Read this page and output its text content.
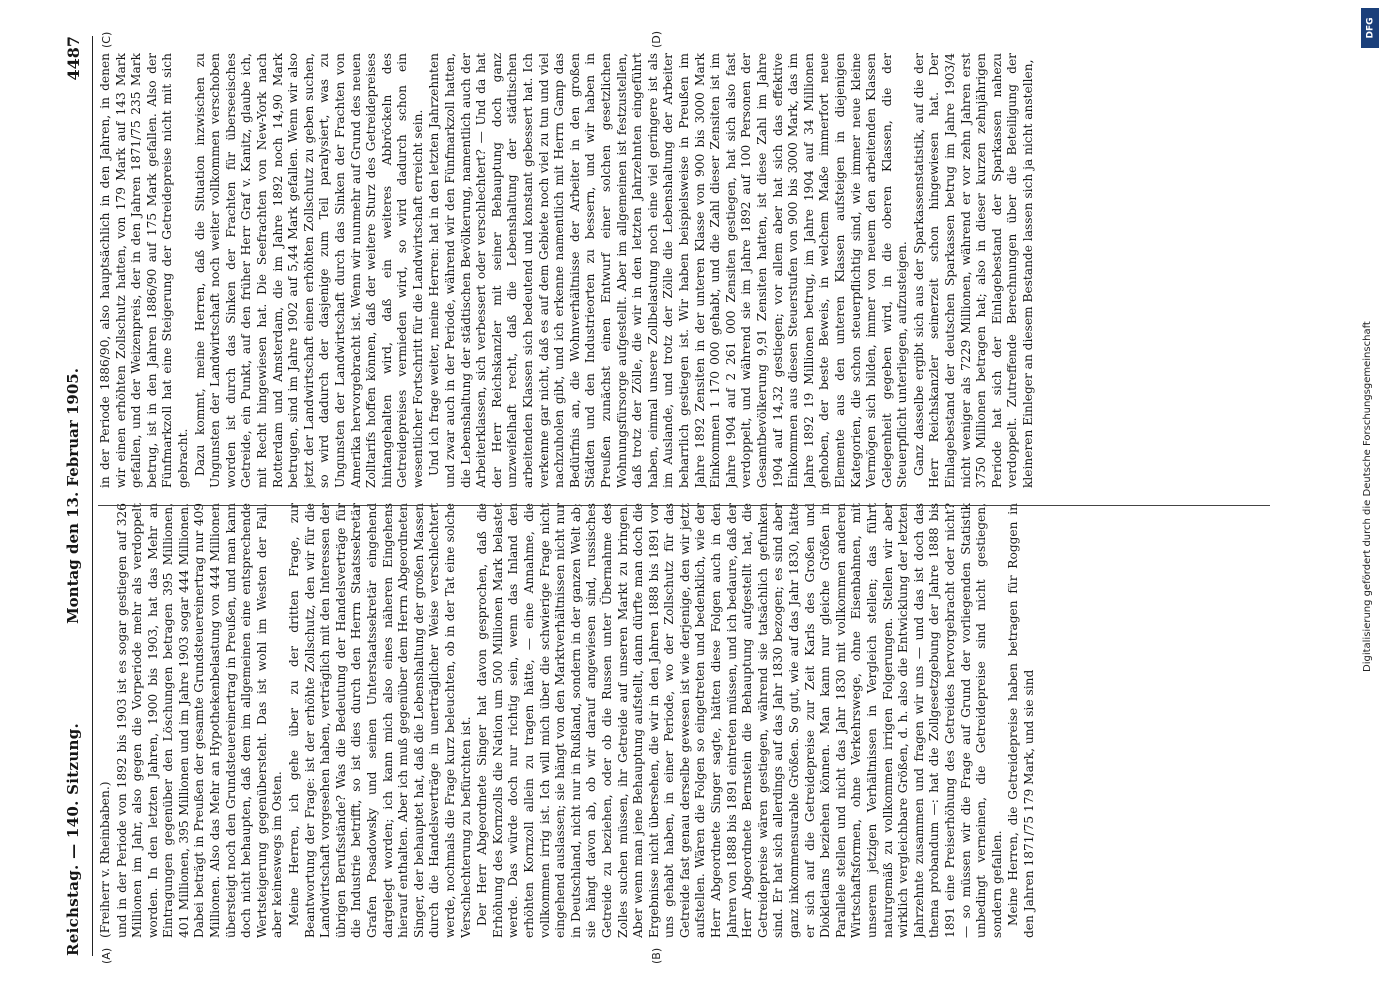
Reichstag. — 140. Sitzung.
Montag den 13. Februar 1905.
4487
(A)	(B)
(C)	(D)
(Freiherr v. Rheinbaben.) und in der Periode von 1892 bis 1903 ist es sogar gestiegen auf 326 Millionen im Jahr, also gegen die Vorperiode mehr als verdoppelt worden. In den letzten Jahren, 1900 bis 1903, hat das Mehr an Eintragungen gegenüber den Löschungen betragen 395 Millionen, 401 Millionen, 395 Millionen und im Jahre 1903 sogar 444 Millionen. Dabei beträgt in Preußen der gesamte Grundsteuereinertrag nur 409 Millionen. Also das Mehr an Hypothekenbelastung von 444 Millionen übersteigt noch den Grundsteuereinertrag in Preußen, und man kann doch nicht behaupten, daß dem im allgemeinen eine entsprechende Wertsteigerung gegenübersteht. Das ist wohl im Westen der Fall, aber keineswegs im Osten. Meine Herren, ich gehe über zu der dritten Frage, zur Beantwortung der Frage: ist der erhöhte Zollschutz, den wir für die Landwirtschaft vorgesehen haben, verträglich mit den Interessen der übrigen Berufsstände? Was die Bedeutung der Handelsverträge für die Industrie betrifft, so ist dies durch den Herrn Staatssekretär Grafen Posadowsky und seinen Unterstaatssekretär eingehend dargelegt worden; ich kann mich also eines näheren Eingehens hierauf enthalten. Aber ich muß gegenüber dem Herrn Abgeordneten Singer, der behauptet hat, daß die Lebenshaltung der großen Massen durch die Handelsverträge in unerträglicher Weise verschlechtert werde, nochmals die Frage kurz beleuchten, ob in der Tat eine solche Verschlechterung zu befürchten ist. Der Herr Abgeordnete Singer hat davon gesprochen, daß die Erhöhung des Kornzolls die Nation um 500 Millionen Mark belastet werde. Das würde doch nur richtig sein, wenn das Inland den erhöhten Kornzoll allein zu tragen hätte, — eine Annahme, die vollkommen irrig ist. Ich will mich über die schwierige Frage nicht eingehend auslassen; sie hängt von den Marktverhältnissen nicht nur in Deutschland, nicht nur in Rußland, sondern in der ganzen Welt ab; sie hängt davon ab, ob wir darauf angewiesen sind, russisches Getreide zu beziehen, oder ob die Russen unter Übernahme des Zolles suchen müssen, ihr Getreide auf unseren Markt zu bringen. Aber wenn man jene Behauptung aufstellt, dann dürfte man doch die Ergebnisse nicht übersehen, die wir in den Jahren 1888 bis 1891 vor uns gehabt haben, in einer Periode, wo der Zollschutz für das Getreide fast genau derselbe gewesen ist wie derjenige, den wir jetzt aufstellen. Wären die Folgen so eingetreten und bedenklich, wie der Herr Abgeordnete Singer sagte, hätten diese Folgen auch in den Jahren von 1888 bis 1891 eintreten müssen, und ich bedaure, daß der Herr Abgeordnete Bernstein die Behauptung aufgestellt hat, die Getreidepreise wären gestiegen, während sie tatsächlich gefunken sind. Er hat sich allerdings auf das Jahr 1830 bezogen; es sind aber ganz inkommensurable Größen. So gut, wie auf das Jahr 1830, hätte er sich auf die Getreidepreise zur Zeit Karls des Großen und Diokletians beziehen können. Man kann nur gleiche Größen in Parallele stellen und nicht das Jahr 1830 mit vollkommen anderen Wirtschaftsformen, ohne Verkehrswege, ohne Eisenbahnen, mit unserem jetzigen Verhältnissen in Vergleich stellen; das führt naturgemäß zu vollkommen irrigen Folgerungen. Stellen wir aber wirklich vergleichbare Größen, d. h. also die Entwicklung der letzten Jahrzehnte zusammen und fragen wir uns — und das ist doch das thema probandum —: hat die Zollgesetzgebung der Jahre 1888 bis 1891 eine Preiserhöhung des Getreides hervorgebracht oder nicht? — so müssen wir die Frage auf Grund der vorliegenden Statistik unbedingt verneinen, die Getreidepreise sind nicht gestiegen, sondern gefallen. Meine Herren, die Getreidepreise haben betragen für Roggen in den Jahren 1871/75 179 Mark, und sie sind

in der Periode 1886/90, also hauptsächlich in den Jahren, in denen wir einen erhöhten Zollschutz hatten, von 179 Mark auf 143 Mark gefallen, und der Weizenpreis, der in den Jahren 1871/75 235 Mark betrug, ist in den Jahren 1886/90 auf 175 Mark gefallen. Also der Fünfmarkzoll hat eine Steigerung der Getreidepreise nicht mit sich gebracht. Dazu kommt, meine Herren, daß die Situation inzwischen zu Ungunsten der Landwirtschaft noch weiter vollkommen verschoben worden ist durch das Sinken der Frachten für überseeisches Getreide, ein Punkt, auf den früher Herr Graf v. Kanitz, glaube ich, mit Recht hingewiesen hat. Die Seefrachten von New-York nach Rotterdam und Amsterdam, die im Jahre 1892 noch 14,90 Mark betrugen, sind im Jahre 1902 auf 5,44 Mark gefallen. Wenn wir also jetzt der Landwirtschaft einen erhöhten Zollschutz zu geben suchen, so wird dadurch der dasjenige zum Teil paralysiert, was zu Ungunsten der Landwirtschaft durch das Sinken der Frachten von Amerika hervorgebracht ist. Wenn wir nunmehr auf Grund des neuen Zolltarifs hoffen können, daß der weitere Sturz des Getreidepreises hintangehalten wird, daß ein weiteres Abbröckeln des Getreidepreises vermieden wird, so wird dadurch schon ein wesentlicher Fortschritt für die Landwirtschaft erreicht sein. Und ich frage weiter, meine Herren: hat in den letzten Jahrzehnten und zwar auch in der Periode, während wir den Fünfmarkzoll hatten, die Lebenshaltung der städtischen Bevölkerung, namentlich auch der Arbeiterklassen, sich verbessert oder verschlechtert? — Und da hat der Herr Reichskanzler mit seiner Behauptung doch ganz unzweifelhaft recht, daß die Lebenshaltung der städtischen arbeitenden Klassen sich bedeutend und konstant gebessert hat. Ich verkenne gar nicht, daß es auf dem Gebiete noch viel zu tun und viel nachzuholen gibt, und ich erkenne namentlich mit Herrn Gamp das Bedürfnis an, die Wohnverhältnisse der Arbeiter in den großen Städten und den Industrieorten zu bessern, und wir haben in Preußen zunächst einen Entwurf einer solchen gesetzlichen Wohnungsfürsorge aufgestellt. Aber im allgemeinen ist festzustellen, daß trotz der Zölle, die wir in den letzten Jahrzehnten eingeführt haben, einmal unsere Zollbelastung noch eine viel geringere ist als im Auslande, und trotz der Zölle die Lebenshaltung der Arbeiter beharrlich gestiegen ist. Wir haben beispielsweise in Preußen im Jahre 1892 Zensiten in der unteren Klasse von 900 bis 3000 Mark Einkommen 1 170 000 gehabt, und die Zahl dieser Zensiten ist im Jahre 1904 auf 2 261 000 Zensiten gestiegen, hat sich also fast verdoppelt, und während sie im Jahre 1892 auf 100 Personen der Gesamtbevölkerung 9,91 Zensiten hatten, ist diese Zahl im Jahre 1904 auf 14,32 gestiegen; vor allem aber hat sich das effektive Einkommen aus diesen Steuerstufen von 900 bis 3000 Mark, das im Jahre 1892 19 Millionen betrug, im Jahre 1904 auf 34 Millionen gehoben, der beste Beweis, in welchem Maße immerfort neue Elemente aus den unteren Klassen aufsteigen in diejenigen Kategorien, die schon steuerpflichtig sind, wie immer neue kleine Vermögen sich bilden, immer von neuem den arbeitenden Klassen Gelegenheit gegeben wird, in die oberen Klassen, die der Steuerpflicht unterliegen, aufzusteigen. Ganz dasselbe ergibt sich aus der Sparkassenstatistik, auf die der Herr Reichskanzler seinerzeit schon hingewiesen hat. Der Einlagebestand der deutschen Sparkassen betrug im Jahre 1903/4 nicht weniger als 7229 Millionen, während er vor zehn Jahren erst 3750 Millionen betragen hat; also in dieser kurzen zehnjährigen Periode hat sich der Einlagebestand der Sparkassen nahezu verdoppelt. Zutreffende Berechnungen über die Beteiligung der kleineren Einleger an diesem Bestande lassen sich ja nicht anstellen,

DFG
Digitalisierung gefördert durch die Deutsche Forschungsgemeinschaft
